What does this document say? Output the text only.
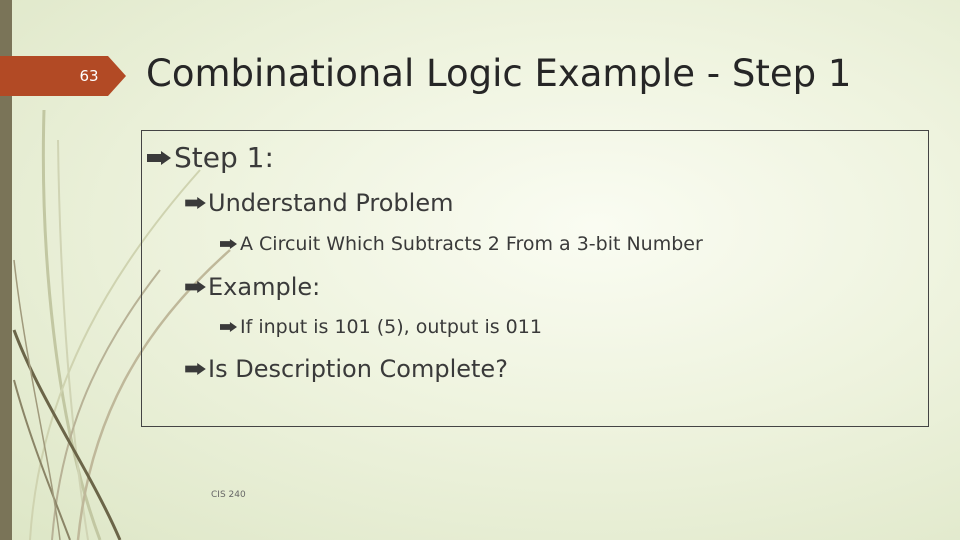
63 Combinational Logic Example - Step 1
Step 1:
Understand Problem
A Circuit Which Subtracts 2 From a 3-bit Number
Example:
If input is 101 (5), output is 011
Is Description Complete?
CIS 240
